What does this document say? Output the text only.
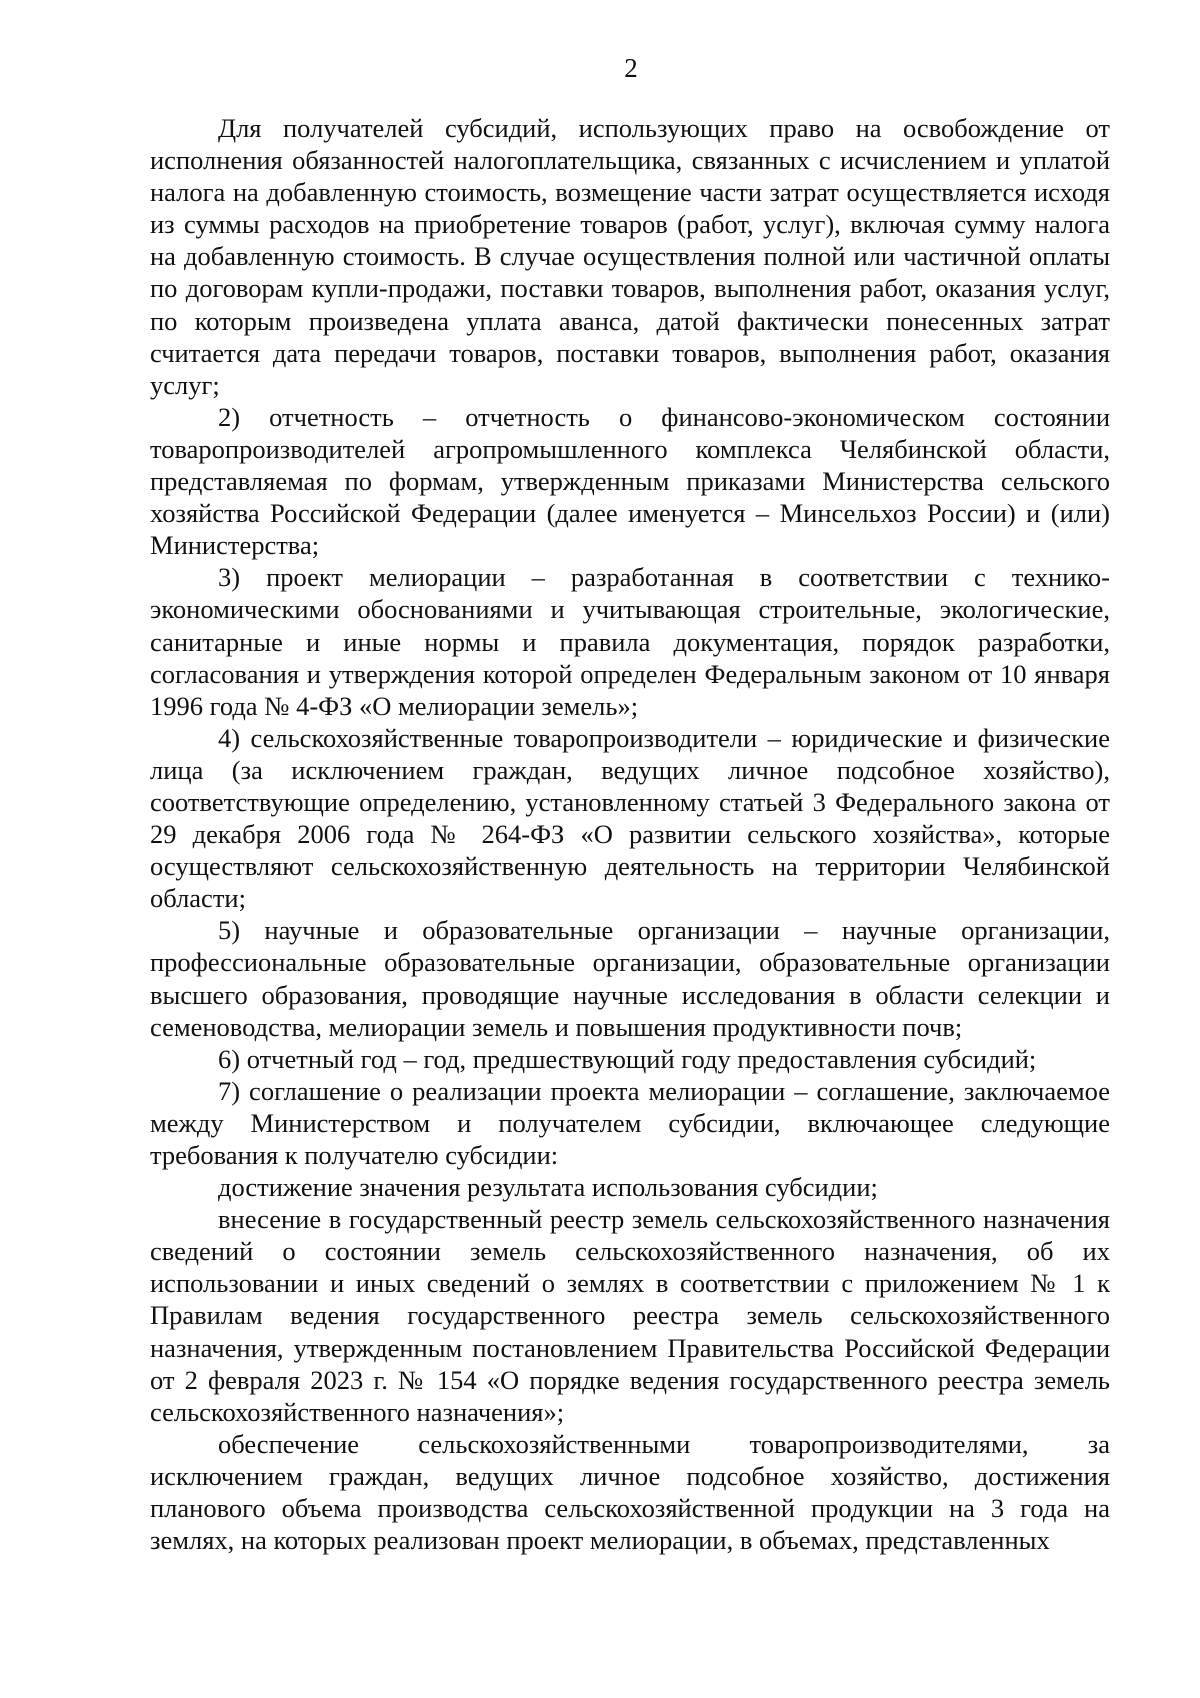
2

Для получателей субсидий, использующих право на освобождение от исполнения обязанностей налогоплательщика, связанных с исчислением и уплатой налога на добавленную стоимость, возмещение части затрат осуществляется исходя из суммы расходов на приобретение товаров (работ, услуг), включая сумму налога на добавленную стоимость. В случае осуществления полной или частичной оплаты по договорам купли-продажи, поставки товаров, выполнения работ, оказания услуг, по которым произведена уплата аванса, датой фактически понесенных затрат считается дата передачи товаров, поставки товаров, выполнения работ, оказания услуг;

2) отчетность – отчетность о финансово-экономическом состоянии товаропроизводителей агропромышленного комплекса Челябинской области, представляемая по формам, утвержденным приказами Министерства сельского хозяйства Российской Федерации (далее именуется – Минсельхоз России) и (или) Министерства;

3) проект мелиорации – разработанная в соответствии с технико-экономическими обоснованиями и учитывающая строительные, экологические, санитарные и иные нормы и правила документация, порядок разработки, согласования и утверждения которой определен Федеральным законом от 10 января 1996 года № 4-ФЗ «О мелиорации земель»;

4) сельскохозяйственные товаропроизводители – юридические и физические лица (за исключением граждан, ведущих личное подсобное хозяйство), соответствующие определению, установленному статьей 3 Федерального закона от 29 декабря 2006 года № 264-ФЗ «О развитии сельского хозяйства», которые осуществляют сельскохозяйственную деятельность на территории Челябинской области;

5) научные и образовательные организации – научные организации, профессиональные образовательные организации, образовательные организации высшего образования, проводящие научные исследования в области селекции и семеноводства, мелиорации земель и повышения продуктивности почв;

6) отчетный год – год, предшествующий году предоставления субсидий;

7) соглашение о реализации проекта мелиорации – соглашение, заключаемое между Министерством и получателем субсидии, включающее следующие требования к получателю субсидии:

достижение значения результата использования субсидии;

внесение в государственный реестр земель сельскохозяйственного назначения сведений о состоянии земель сельскохозяйственного назначения, об их использовании и иных сведений о землях в соответствии с приложением № 1 к Правилам ведения государственного реестра земель сельскохозяйственного назначения, утвержденным постановлением Правительства Российской Федерации от 2 февраля 2023 г. № 154 «О порядке ведения государственного реестра земель сельскохозяйственного назначения»;

обеспечение сельскохозяйственными товаропроизводителями, за исключением граждан, ведущих личное подсобное хозяйство, достижения планового объема производства сельскохозяйственной продукции на 3 года на землях, на которых реализован проект мелиорации, в объемах, представленных
